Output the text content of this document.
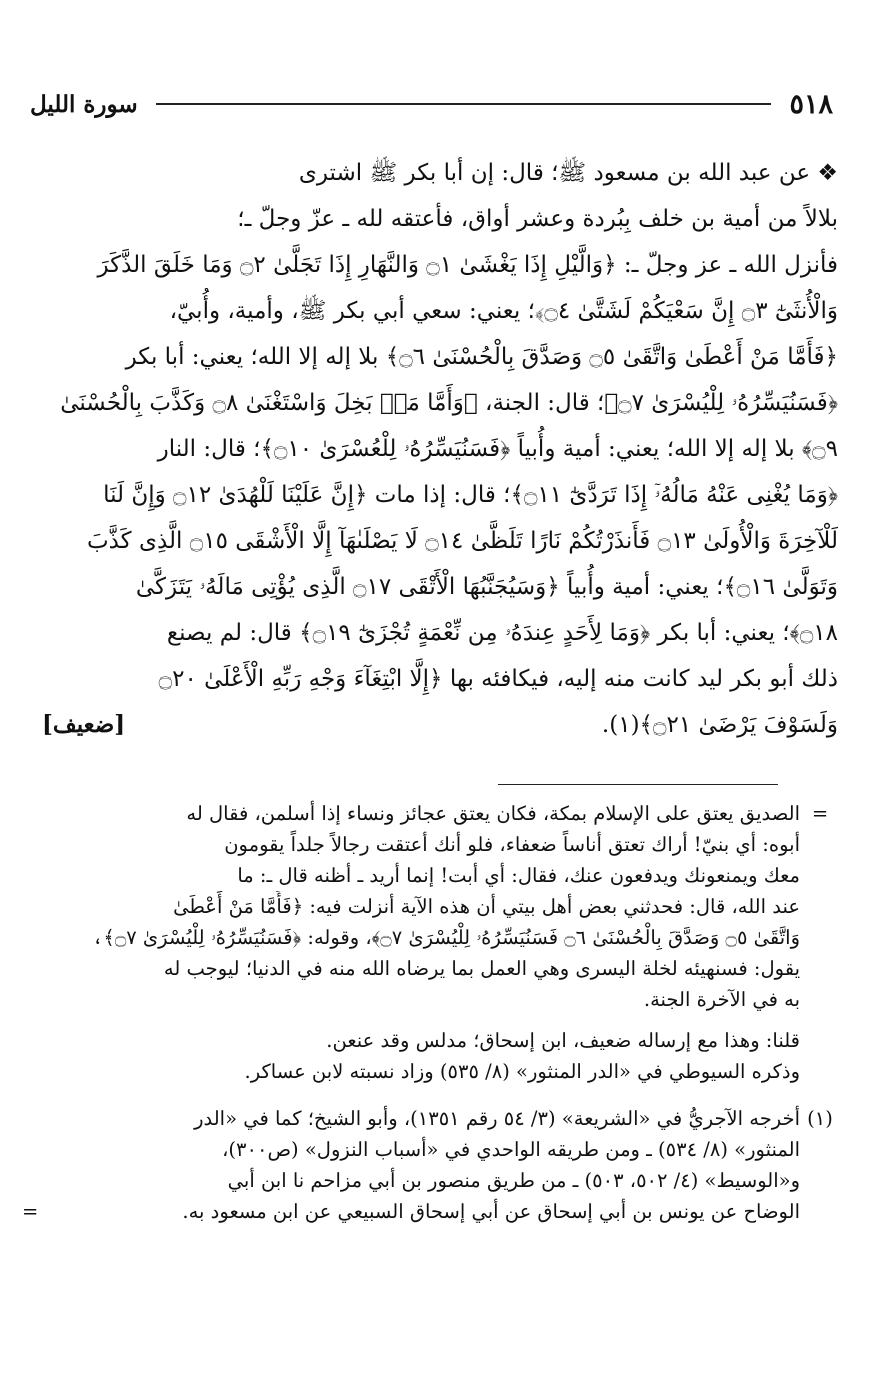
٥١٨
سورة الليل
❖ عن عبد الله بن مسعود ﷺ؛ قال: إن أبا بكر ﷺ اشترى
بلالاً من أمية بن خلف بِبُردة وعشر أواق، فأعتقه لله ـ عزّ وجلّ ـ؛
فأنزل الله ـ عز وجلّ ـ: ﴿وَالَّيْلِ إِذَا يَغْشَىٰ ۝١ وَالنَّهَارِ إِذَا تَجَلَّىٰ ۝٢ وَمَا خَلَقَ الذَّكَرَ
وَالْأُنثَىٰٓ ۝٣ إِنَّ سَعْيَكُمْ لَشَتَّىٰ ۝٤﴾؛ يعني: سعي أبي بكر ﷺ، وأمية، وأُبيّ،
﴿فَأَمَّا مَنْ أَعْطَىٰ وَاتَّقَىٰ ۝٥ وَصَدَّقَ بِالْحُسْنَىٰ ۝٦﴾ بلا إله إلا الله؛ يعني: أبا بكر
﴿فَسَنُيَسِّرُهُۥ لِلْيُسْرَىٰ ۝٧﴾؛ قال: الجنة، ﴿وَأَمَّا مَنۢ بَخِلَ وَاسْتَغْنَىٰ ۝٨ وَكَذَّبَ بِالْحُسْنَىٰ
۝٩﴾ بلا إله إلا الله؛ يعني: أمية وأُبياً ﴿فَسَنُيَسِّرُهُۥ لِلْعُسْرَىٰ ۝١٠﴾؛ قال: النار
﴿وَمَا يُغْنِى عَنْهُ مَالُهُۥٓ إِذَا تَرَدَّىٰٓ ۝١١﴾؛ قال: إذا مات ﴿إِنَّ عَلَيْنَا لَلْهُدَىٰ ۝١٢ وَإِنَّ لَنَا
لَلْآخِرَةَ وَالْأُولَىٰ ۝١٣ فَأَنذَرْتُكُمْ نَارًا تَلَظَّىٰ ۝١٤ لَا يَصْلَىٰهَآ إِلَّا الْأَشْقَى ۝١٥ الَّذِى كَذَّبَ
وَتَوَلَّىٰ ۝١٦﴾؛ يعني: أمية وأُبياً ﴿وَسَيُجَنَّبُهَا الْأَتْقَى ۝١٧ الَّذِى يُؤْتِى مَالَهُۥ يَتَزَكَّىٰ
۝١٨﴾؛ يعني: أبا بكر ﴿وَمَا لِأَحَدٍ عِندَهُۥ مِن نِّعْمَةٍ تُجْزَىٰٓ ۝١٩﴾ قال: لم يصنع
ذلك أبو بكر ليد كانت منه إليه، فيكافئه بها ﴿إِلَّا ابْتِغَآءَ وَجْهِ رَبِّهِ الْأَعْلَىٰ ۝٢٠
وَلَسَوْفَ يَرْضَىٰ ۝٢١﴾(١).
[ضعيف]
=
الصديق يعتق على الإسلام بمكة، فكان يعتق عجائز ونساء إذا أسلمن، فقال له
أبوه: أي بنيّ! أراك تعتق أناساً ضعفاء، فلو أنك أعتقت رجالاً جلداً يقومون
معك ويمنعونك ويدفعون عنك، فقال: أي أبت! إنما أريد ـ أظنه قال ـ: ما
عند الله، قال: فحدثني بعض أهل بيتي أن هذه الآية أنزلت فيه: ﴿فَأَمَّا مَنْ أَعْطَىٰ
وَاتَّقَىٰ ۝٥ وَصَدَّقَ بِالْحُسْنَىٰ ۝٦ فَسَنُيَسِّرُهُۥ لِلْيُسْرَىٰ ۝٧﴾، وقوله: ﴿فَسَنُيَسِّرُهُۥ لِلْيُسْرَىٰ ۝٧﴾،
يقول: فسنهيئه لخلة اليسرى وهي العمل بما يرضاه الله منه في الدنيا؛ ليوجب له
به في الآخرة الجنة.
قلنا: وهذا مع إرساله ضعيف، ابن إسحاق؛ مدلس وقد عنعن.
وذكره السيوطي في «الدر المنثور» (٨/ ٥٣٥) وزاد نسبته لابن عساكر.
(١)
أخرجه الآجريُّ في «الشريعة» (٣/ ٥٤ رقم ١٣٥١)، وأبو الشيخ؛ كما في «الدر
المنثور» (٨/ ٥٣٤) ـ ومن طريقه الواحدي في «أسباب النزول» (ص٣٠٠)،
و«الوسيط» (٤/ ٥٠٢، ٥٠٣) ـ من طريق منصور بن أبي مزاحم نا ابن أبي
الوضاح عن يونس بن أبي إسحاق عن أبي إسحاق السبيعي عن ابن مسعود به.
=
